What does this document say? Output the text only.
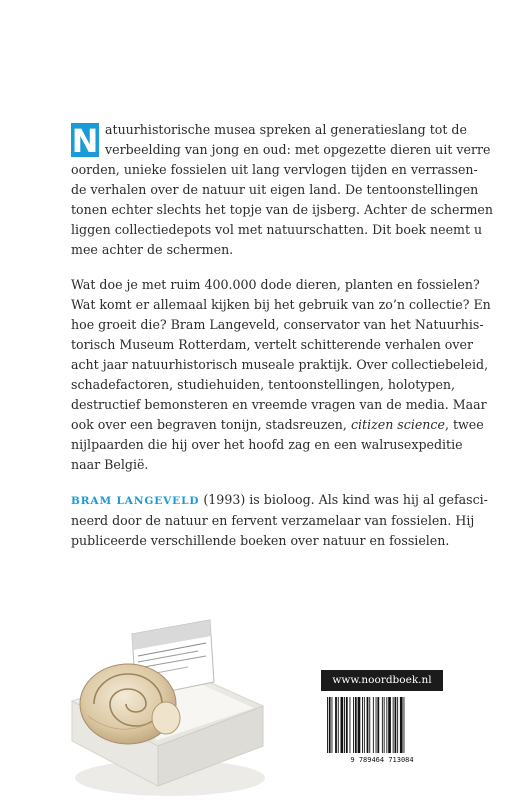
N atuurhistorische musea spreken al generatieslang tot de
verbeelding van jong en oud: met opgezette dieren uit verre
oorden, unieke fossielen uit lang vervlogen tijden en verrassen-
de verhalen over de natuur uit eigen land. De tentoonstellingen
tonen echter slechts het topje van de ijsberg. Achter de schermen
liggen collectiedepots vol met natuurschatten. Dit boek neemt u
mee achter de schermen.
Wat doe je met ruim 400.000 dode dieren, planten en fossielen?
Wat komt er allemaal kijken bij het gebruik van zo’n collectie? En
hoe groeit die? Bram Langeveld, conservator van het Natuurhis-
torisch Museum Rotterdam, vertelt schitterende verhalen over
acht jaar natuurhistorisch museale praktijk. Over collectiebeleid,
schadefactoren, studiehuiden, tentoonstellingen, holotypen,
destructief bemonsteren en vreemde vragen van de media. Maar
ook over een begraven tonijn, stadsreuzen, citizen science, twee
nijlpaarden die hij over het hoofd zag en een walrusexpeditie
naar België.
BRAM LANGEVELD (1993) is bioloog. Als kind was hij al gefasci-
neerd door de natuur en fervent verzamelaar van fossielen. Hij
publiceerde verschillende boeken over natuur en fossielen.
www.noordboek.nl
9 789464 713084
